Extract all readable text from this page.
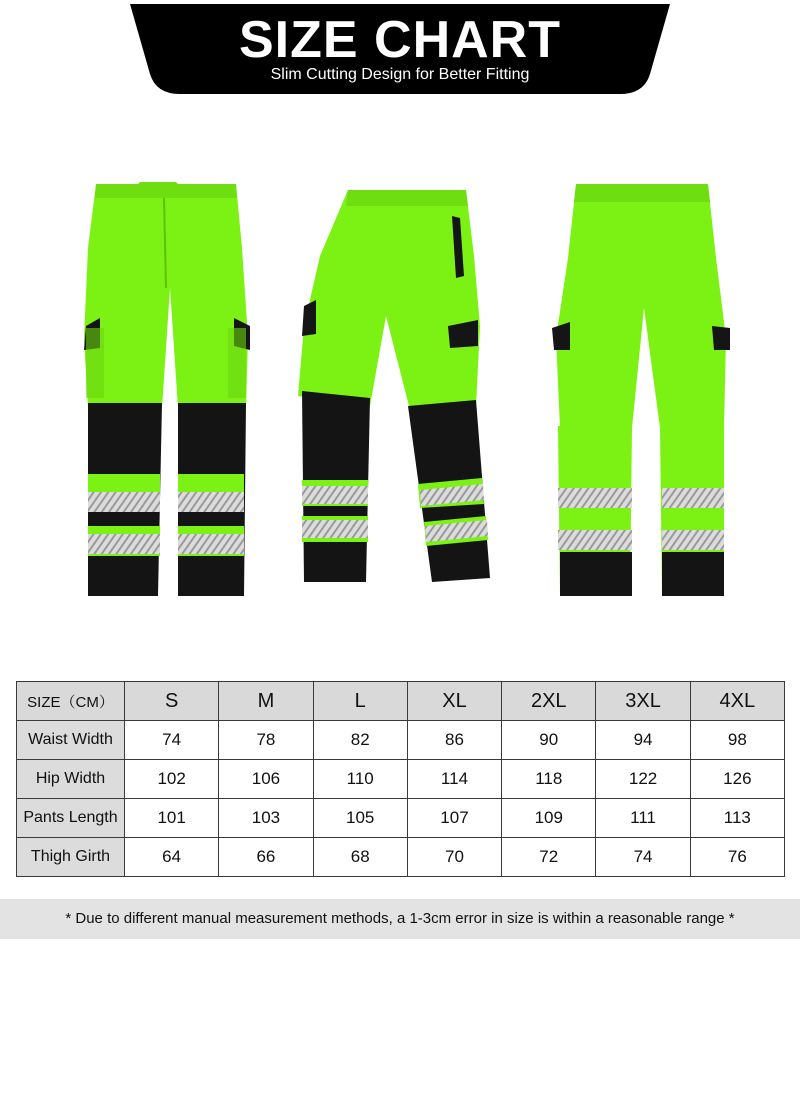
SIZE CHART
Slim Cutting Design for Better Fitting
SIZE（CM）	S	M	L	XL	2XL	3XL	4XL
Waist Width	74	78	82	86	90	94	98
Hip Width	102	106	110	114	118	122	126
Pants Length	101	103	105	107	109	111	113
Thigh Girth	64	66	68	70	72	74	76
* Due to different manual measurement methods, a 1-3cm error in size is within a reasonable range *
